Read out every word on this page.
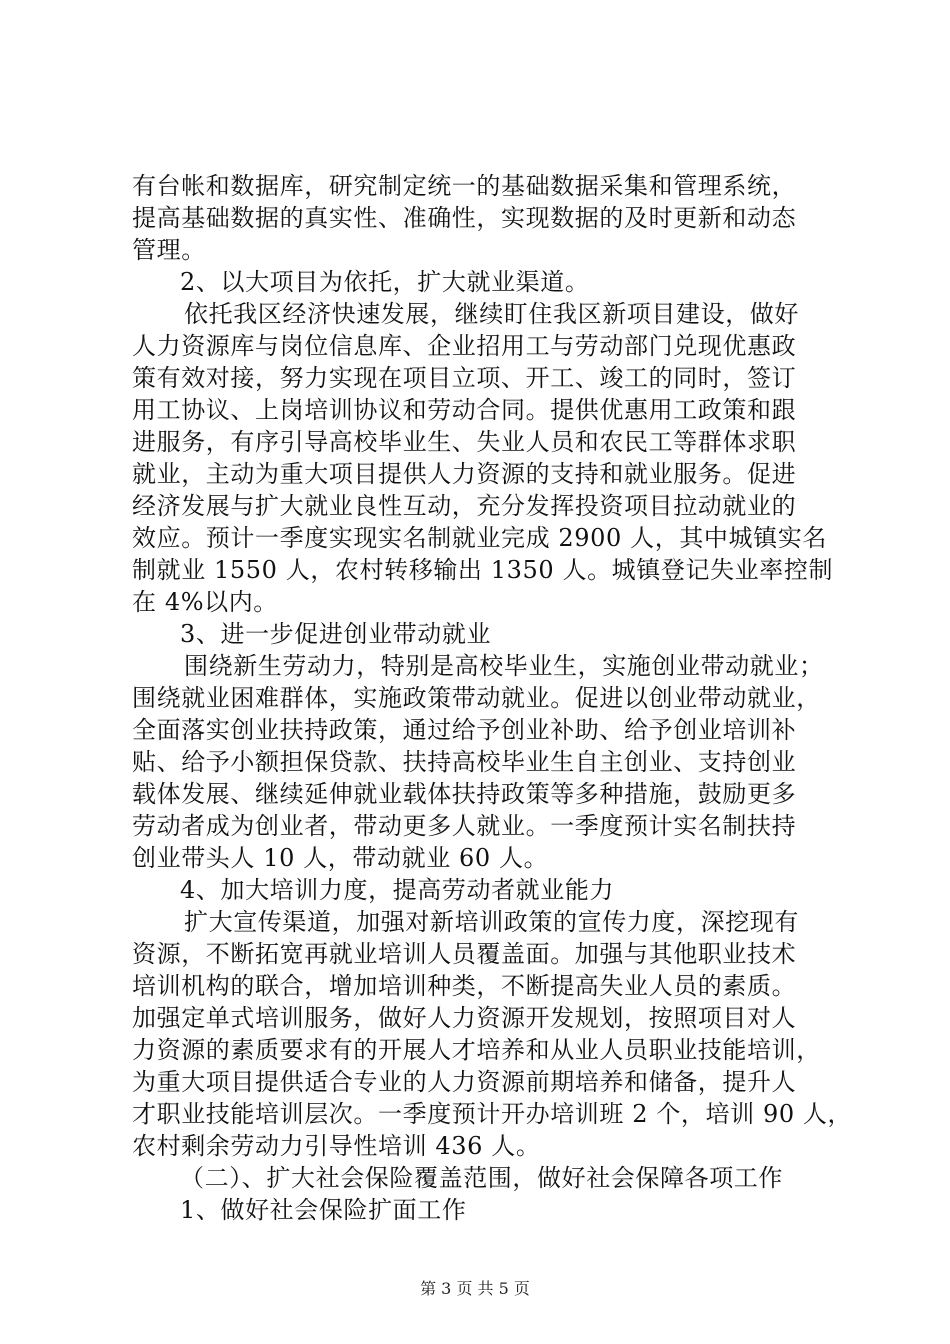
有台帐和数据库，研究制定统一的基础数据采集和管理系统，
提高基础数据的真实性、准确性，实现数据的及时更新和动态
管理。
2、以大项目为依托，扩大就业渠道。
依托我区经济快速发展，继续盯住我区新项目建设，做好
人力资源库与岗位信息库、企业招用工与劳动部门兑现优惠政
策有效对接，努力实现在项目立项、开工、竣工的同时，签订
用工协议、上岗培训协议和劳动合同。提供优惠用工政策和跟
进服务，有序引导高校毕业生、失业人员和农民工等群体求职
就业，主动为重大项目提供人力资源的支持和就业服务。促进
经济发展与扩大就业良性互动，充分发挥投资项目拉动就业的
效应。预计一季度实现实名制就业完成 2900 人，其中城镇实名
制就业 1550 人，农村转移输出 1350 人。城镇登记失业率控制
在 4%以内。
3、进一步促进创业带动就业
围绕新生劳动力，特别是高校毕业生，实施创业带动就业；
围绕就业困难群体，实施政策带动就业。促进以创业带动就业，
全面落实创业扶持政策，通过给予创业补助、给予创业培训补
贴、给予小额担保贷款、扶持高校毕业生自主创业、支持创业
载体发展、继续延伸就业载体扶持政策等多种措施，鼓励更多
劳动者成为创业者，带动更多人就业。一季度预计实名制扶持
创业带头人 10 人，带动就业 60 人。
4、加大培训力度，提高劳动者就业能力
扩大宣传渠道，加强对新培训政策的宣传力度，深挖现有
资源，不断拓宽再就业培训人员覆盖面。加强与其他职业技术
培训机构的联合，增加培训种类，不断提高失业人员的素质。
加强定单式培训服务，做好人力资源开发规划，按照项目对人
力资源的素质要求有的开展人才培养和从业人员职业技能培训，
为重大项目提供适合专业的人力资源前期培养和储备，提升人
才职业技能培训层次。一季度预计开办培训班 2 个，培训 90 人，
农村剩余劳动力引导性培训 436 人。
（二）、扩大社会保险覆盖范围，做好社会保障各项工作
1、做好社会保险扩面工作
第 3 页 共 5 页
